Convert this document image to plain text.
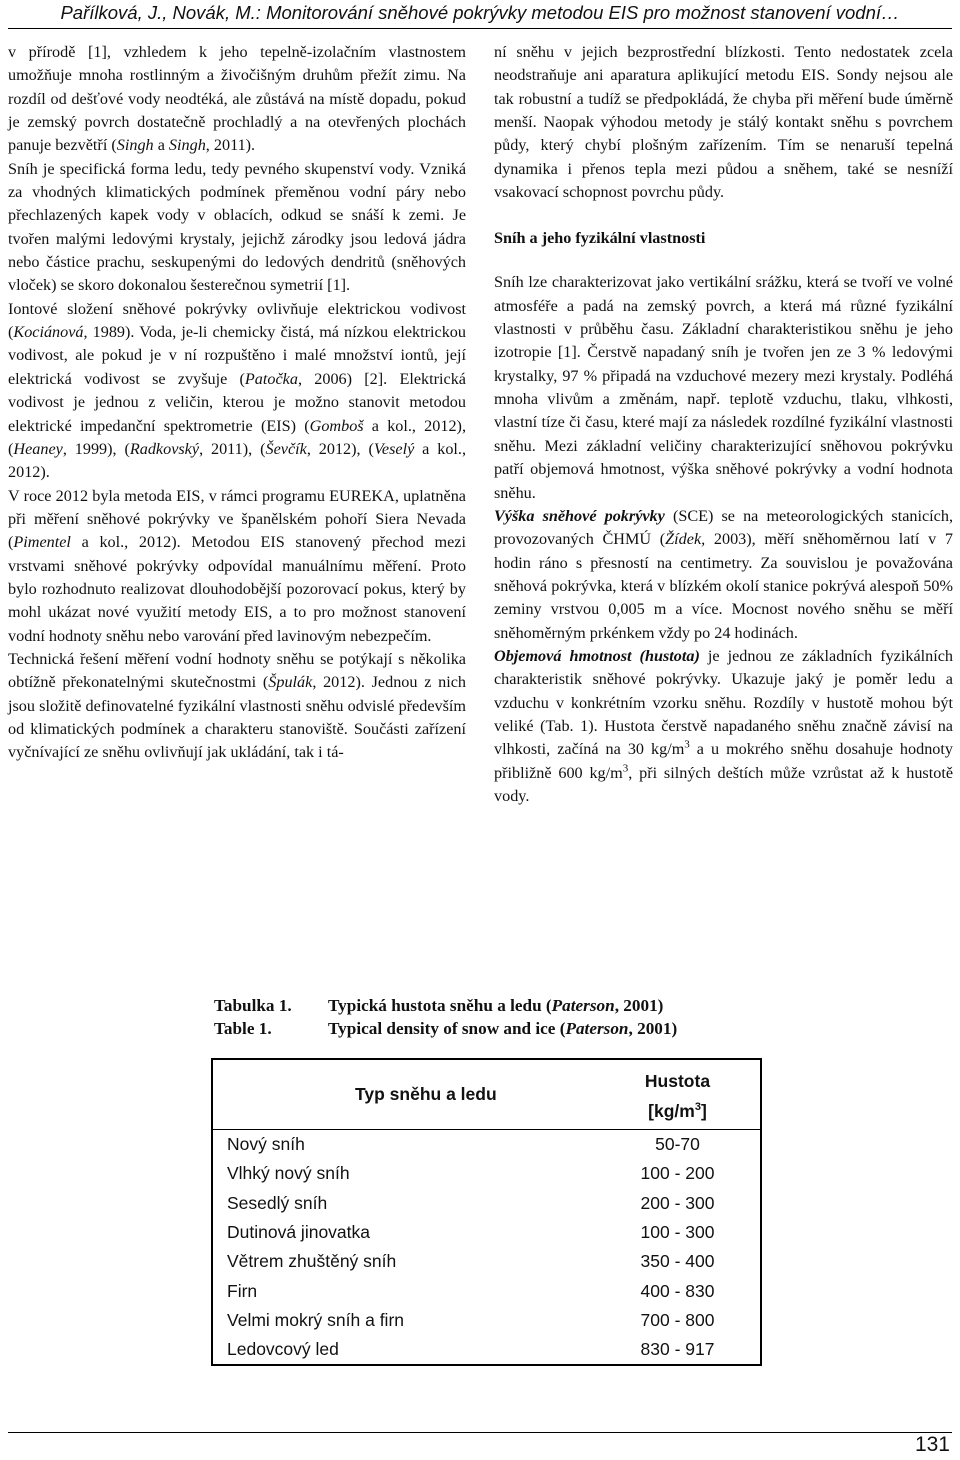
Pařílková, J., Novák, M.: Monitorování sněhové pokrývky metodou EIS pro možnost stanovení vodní…

v přírodě [1], vzhledem k jeho tepelně-izolačním vlastnostem umožňuje mnoha rostlinným a živočišným druhům přežít zimu. Na rozdíl od dešťové vody neodtéká, ale zůstává na místě dopadu, pokud je zemský povrch dostatečně prochladlý a na otevřených plochách panuje bezvětří (Singh a Singh, 2011).

Sníh je specifická forma ledu, tedy pevného skupenství vody. Vzniká za vhodných klimatických podmínek přeměnou vodní páry nebo přechlazených kapek vody v oblacích, odkud se snáší k zemi. Je tvořen malými ledovými krystaly, jejichž zárodky jsou ledová jádra nebo částice prachu, seskupenými do ledových dendritů (sněhových vloček) se skoro dokonalou šesterečnou symetrií [1].

Iontové složení sněhové pokrývky ovlivňuje elektrickou vodivost (Kociánová, 1989). Voda, je-li chemicky čistá, má nízkou elektrickou vodivost, ale pokud je v ní rozpuštěno i malé množství iontů, její elektrická vodivost se zvyšuje (Patočka, 2006) [2]. Elektrická vodivost je jednou z veličin, kterou je možno stanovit metodou elektrické impedanční spektrometrie (EIS) (Gomboš a kol., 2012), (Heaney, 1999), (Radkovský, 2011), (Ševčík, 2012), (Veselý a kol., 2012).

V roce 2012 byla metoda EIS, v rámci programu EUREKA, uplatněna při měření sněhové pokrývky ve španělském pohoří Siera Nevada (Pimentel a kol., 2012). Metodou EIS stanovený přechod mezi vrstvami sněhové pokrývky odpovídal manuálnímu měření. Proto bylo rozhodnuto realizovat dlouhodobější pozorovací pokus, který by mohl ukázat nové využití metody EIS, a to pro možnost stanovení vodní hodnoty sněhu nebo varování před lavinovým nebezpečím.

Technická řešení měření vodní hodnoty sněhu se potýkají s několika obtížně překonatelnými skutečnostmi (Špulák, 2012). Jednou z nich jsou složitě definovatelné fyzikální vlastnosti sněhu odvislé především od klimatických podmínek a charakteru stanoviště. Součásti zařízení vyčnívající ze sněhu ovlivňují jak ukládání, tak i tá-

ní sněhu v jejich bezprostřední blízkosti. Tento nedostatek zcela neodstraňuje ani aparatura aplikující metodu EIS. Sondy nejsou ale tak robustní a tudíž se předpokládá, že chyba při měření bude úměrně menší. Naopak výhodou metody je stálý kontakt sněhu s povrchem půdy, který chybí plošným zařízením. Tím se nenaruší tepelná dynamika i přenos tepla mezi půdou a sněhem, také se nesníží vsakovací schopnost povrchu půdy.

Sníh a jeho fyzikální vlastnosti

Sníh lze charakterizovat jako vertikální srážku, která se tvoří ve volné atmosféře a padá na zemský povrch, a která má různé fyzikální vlastnosti v průběhu času. Základní charakteristikou sněhu je jeho izotropie [1]. Čerstvě napadaný sníh je tvořen jen ze 3 % ledovými krystalky, 97 % připadá na vzduchové mezery mezi krystaly. Podléhá mnoha vlivům a změnám, např. teplotě vzduchu, tlaku, vlhkosti, vlastní tíze či času, které mají za následek rozdílné fyzikální vlastnosti sněhu. Mezi základní veličiny charakterizující sněhovou pokrývku patří objemová hmotnost, výška sněhové pokrývky a vodní hodnota sněhu.

Výška sněhové pokrývky (SCE) se na meteorologických stanicích, provozovaných ČHMÚ (Žídek, 2003), měří sněhoměrnou latí v 7 hodin ráno s přesností na centimetry. Za souvislou je považována sněhová pokrývka, která v blízkém okolí stanice pokrývá alespoň 50% zeminy vrstvou 0,005 m a více. Mocnost nového sněhu se měří sněhoměrným prkénkem vždy po 24 hodinách.

Objemová hmotnost (hustota) je jednou ze základních fyzikálních charakteristik sněhové pokrývky. Ukazuje jaký je poměr ledu a vzduchu v konkrétním vzorku sněhu. Rozdíly v hustotě mohou být veliké (Tab. 1). Hustota čerstvě napadaného sněhu značně závisí na vlhkosti, začíná na 30 $kg/m^3$ a u mokrého sněhu dosahuje hodnoty přibližně 600 $kg/m^3$, při silných deštích může vzrůstat až k hustotě vody.

Tabulka 1.	Typická hustota sněhu a ledu (Paterson, 2001)
Table 1.	Typical density of snow and ice (Paterson, 2001)
Typ sněhu a ledu	Hustota
$[kg/m^3]$

Nový sníh	50-70
Vlhký nový sníh	100 - 200
Sesedlý sníh	200 - 300
Dutinová jinovatka	100 - 300
Větrem zhuštěný sníh	350 - 400
Firn	400 - 830
Velmi mokrý sníh a firn	700 - 800
Ledovcový led	830 - 917
131
